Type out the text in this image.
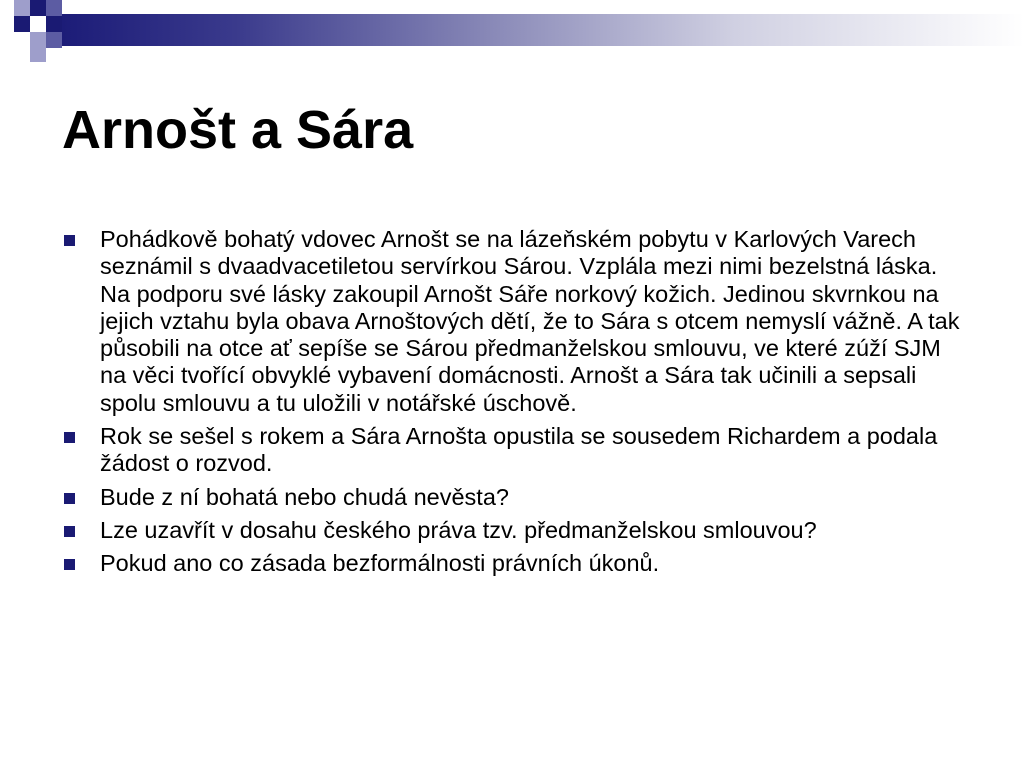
Arnošt a Sára
Pohádkově bohatý vdovec Arnošt se na lázeňském pobytu v Karlových Varech seznámil s dvaadvacetiletou servírkou Sárou. Vzplála mezi nimi bezelstná láska. Na podporu své lásky zakoupil Arnošt Sáře norkový kožich. Jedinou skvrnkou na jejich vztahu byla obava Arnoštových dětí, že to Sára s otcem nemyslí vážně. A tak působili na otce ať sepíše se Sárou předmanželskou smlouvu, ve které zúží SJM na věci tvořící obvyklé vybavení domácnosti. Arnošt a Sára tak učinili a sepsali spolu smlouvu a tu uložili v notářské úschově.
Rok se sešel s rokem a Sára Arnošta opustila se sousedem Richardem a podala žádost o rozvod.
Bude z ní bohatá nebo chudá nevěsta?
Lze uzavřít v dosahu českého práva tzv. předmanželskou smlouvou?
Pokud ano co zásada bezformálnosti právních úkonů.
